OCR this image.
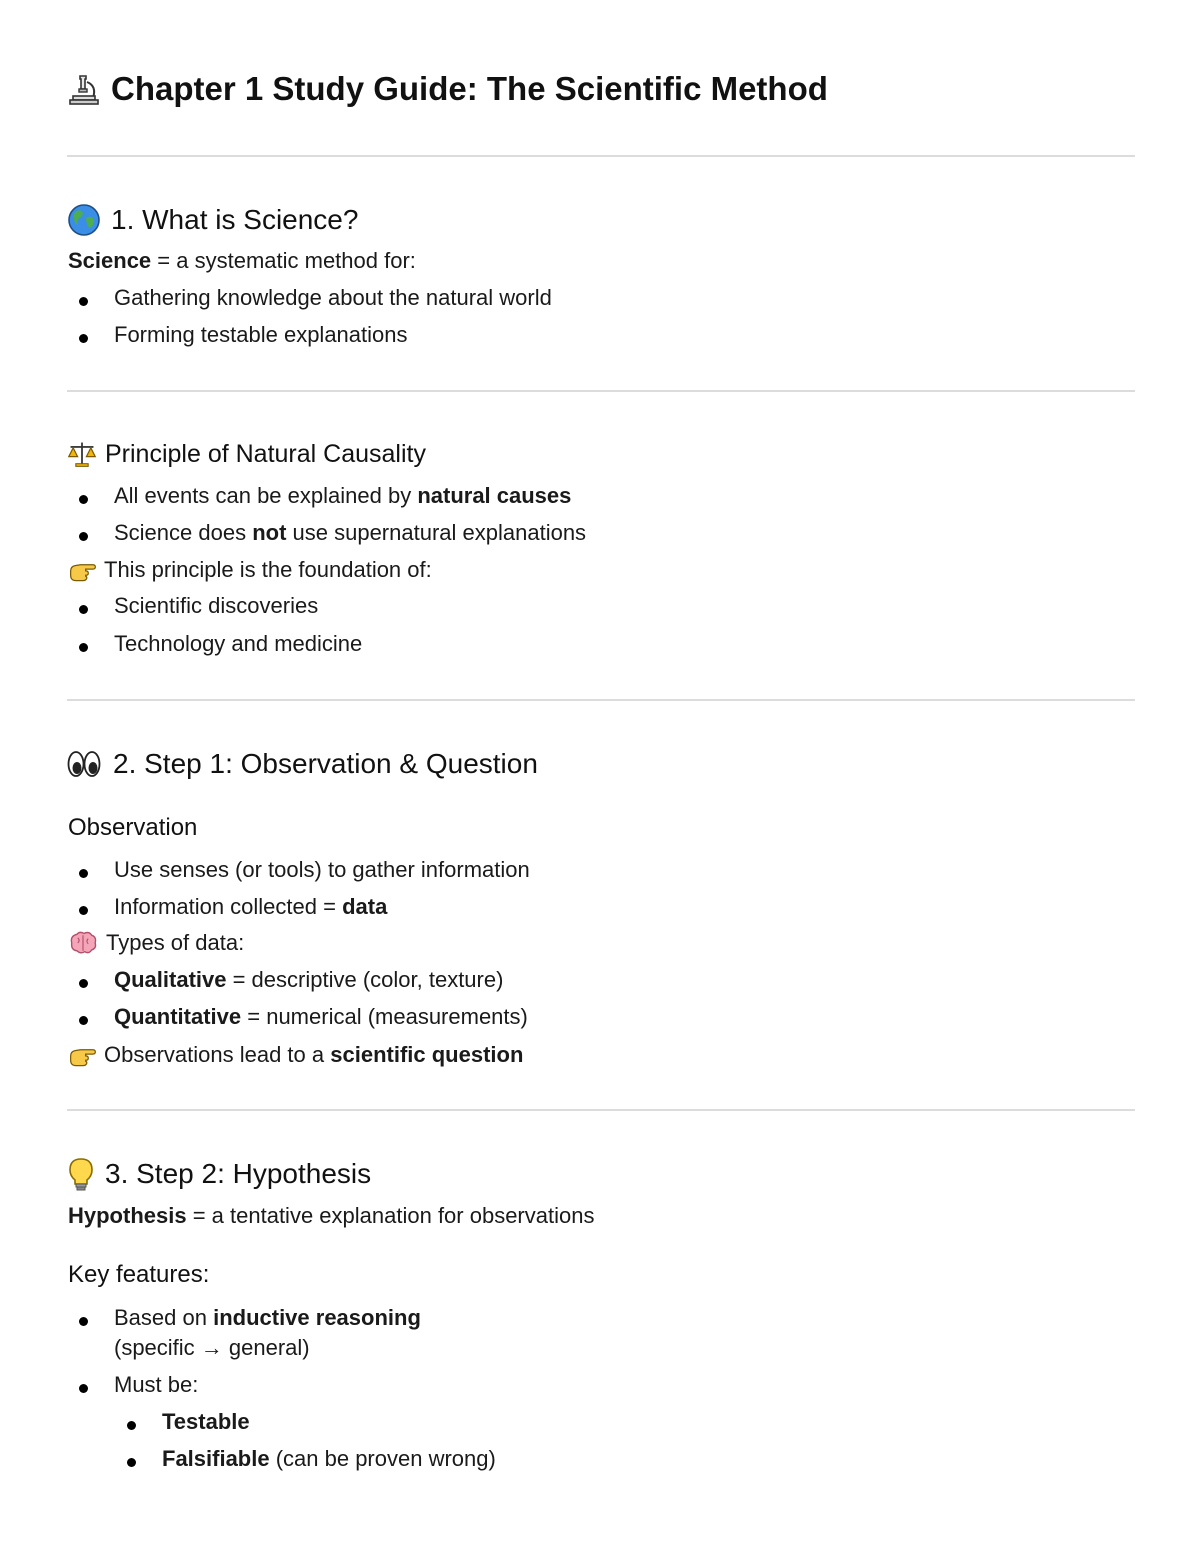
Chapter 1 Study Guide: The Scientific Method
1. What is Science?
Science = a systematic method for:
Gathering knowledge about the natural world
Forming testable explanations
Principle of Natural Causality
All events can be explained by natural causes
Science does not use supernatural explanations
This principle is the foundation of:
Scientific discoveries
Technology and medicine
2. Step 1: Observation & Question
Observation
Use senses (or tools) to gather information
Information collected = data
Types of data:
Qualitative = descriptive (color, texture)
Quantitative = numerical (measurements)
Observations lead to a scientific question
3. Step 2: Hypothesis
Hypothesis = a tentative explanation for observations
Key features:
Based on inductive reasoning
(specific → general)
Must be:
Testable
Falsifiable (can be proven wrong)
